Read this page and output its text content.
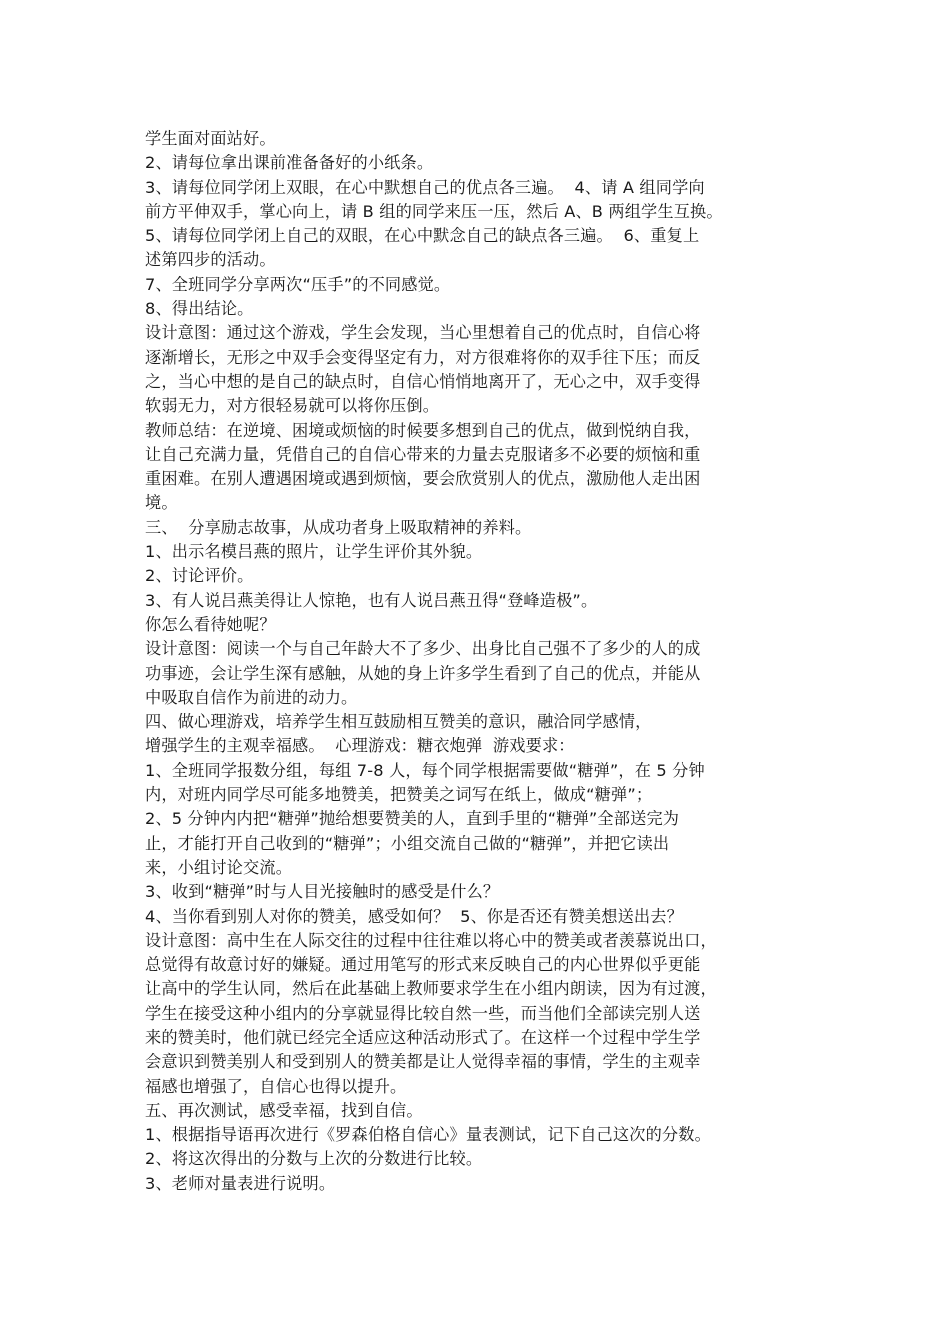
学生面对面站好。
2、请每位拿出课前准备备好的小纸条。
3、请每位同学闭上双眼，在心中默想自己的优点各三遍。  4、请 A 组同学向
前方平伸双手，掌心向上，请 B 组的同学来压一压，然后 A、B 两组学生互换。
5、请每位同学闭上自己的双眼，在心中默念自己的缺点各三遍。  6、重复上
述第四步的活动。
7、全班同学分享两次“压手”的不同感觉。
8、得出结论。
设计意图：通过这个游戏，学生会发现，当心里想着自己的优点时，自信心将
逐渐增长，无形之中双手会变得坚定有力，对方很难将你的双手往下压；而反
之，当心中想的是自己的缺点时，自信心悄悄地离开了，无心之中，双手变得
软弱无力，对方很轻易就可以将你压倒。
教师总结：在逆境、困境或烦恼的时候要多想到自己的优点，做到悦纳自我，
让自己充满力量，凭借自己的自信心带来的力量去克服诸多不必要的烦恼和重
重困难。在别人遭遇困境或遇到烦恼，要会欣赏别人的优点，激励他人走出困
境。
三、  分享励志故事，从成功者身上吸取精神的养料。
1、出示名模吕燕的照片，让学生评价其外貌。
2、讨论评价。
3、有人说吕燕美得让人惊艳，也有人说吕燕丑得“登峰造极”。
你怎么看待她呢？
设计意图：阅读一个与自己年龄大不了多少、出身比自己强不了多少的人的成
功事迹，会让学生深有感触，从她的身上许多学生看到了自己的优点，并能从
中吸取自信作为前进的动力。
四、做心理游戏，培养学生相互鼓励相互赞美的意识，融洽同学感情，
增强学生的主观幸福感。  心理游戏：糖衣炮弹  游戏要求：
1、全班同学报数分组，每组 7-8 人，每个同学根据需要做“糖弹”，在 5 分钟
内，对班内同学尽可能多地赞美，把赞美之词写在纸上，做成“糖弹”；
2、5 分钟内内把“糖弹”抛给想要赞美的人，直到手里的“糖弹”全部送完为
止，才能打开自己收到的“糖弹”；小组交流自己做的“糖弹”，并把它读出
来，小组讨论交流。
3、收到“糖弹”时与人目光接触时的感受是什么？
4、当你看到别人对你的赞美，感受如何？  5、你是否还有赞美想送出去？
设计意图：高中生在人际交往的过程中往往难以将心中的赞美或者羡慕说出口，
总觉得有故意讨好的嫌疑。通过用笔写的形式来反映自己的内心世界似乎更能
让高中的学生认同，然后在此基础上教师要求学生在小组内朗读，因为有过渡，
学生在接受这种小组内的分享就显得比较自然一些，而当他们全部读完别人送
来的赞美时，他们就已经完全适应这种活动形式了。在这样一个过程中学生学
会意识到赞美别人和受到别人的赞美都是让人觉得幸福的事情，学生的主观幸
福感也增强了，自信心也得以提升。
五、再次测试，感受幸福，找到自信。
1、根据指导语再次进行《罗森伯格自信心》量表测试，记下自己这次的分数。
2、将这次得出的分数与上次的分数进行比较。
3、老师对量表进行说明。
